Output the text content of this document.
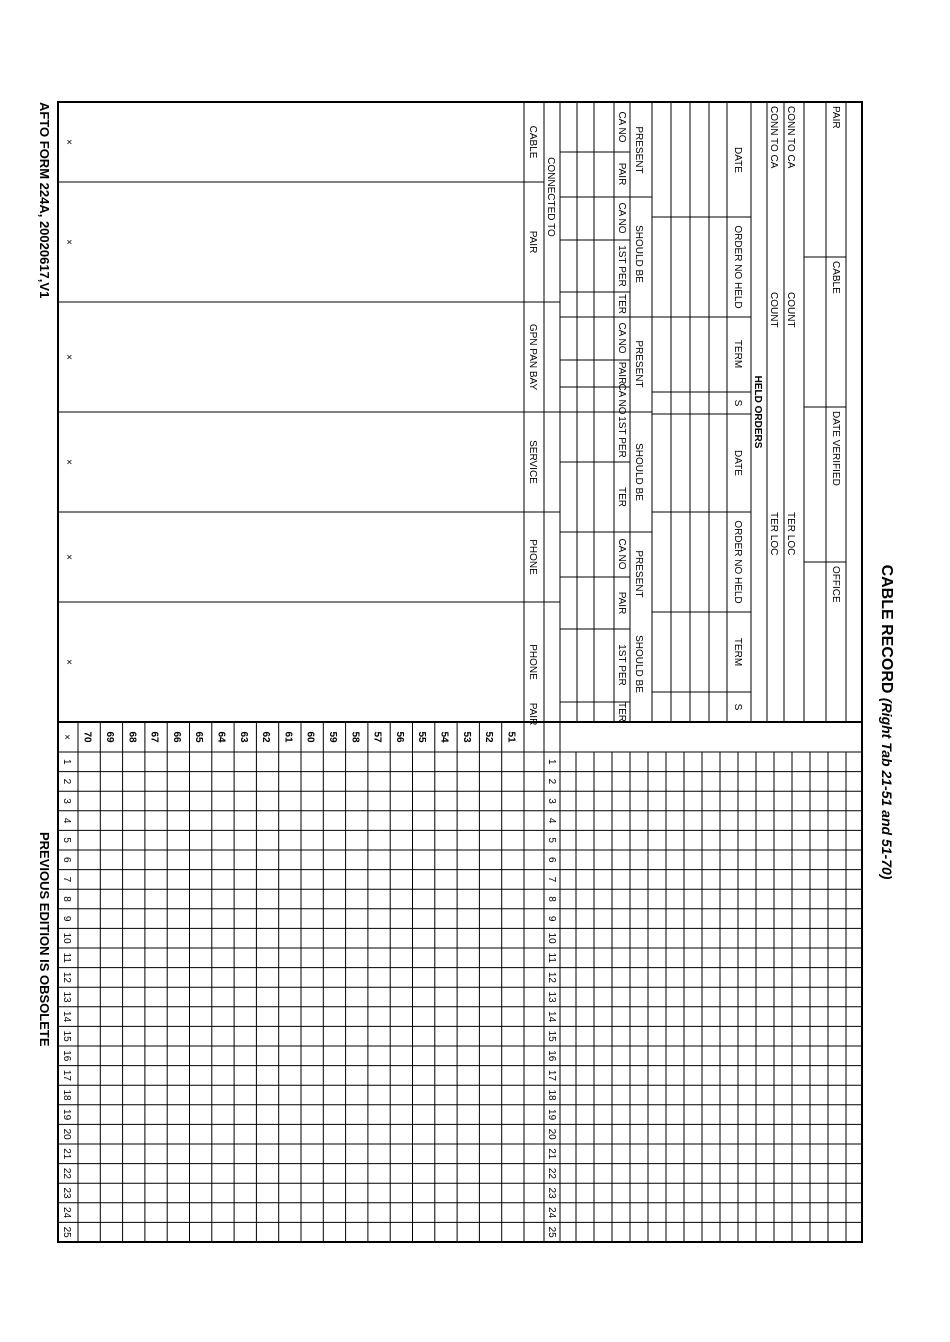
CABLE RECORD (Right Tab 21-51 and 51-70)
AFTO FORM 224A, 20020617,V1
PREVIOUS EDITION IS OBSOLETE
PAIR
CABLE
DATE VERIFIED
OFFICE
CONN TO CA
COUNT
TER LOC
CONN TO CA
COUNT
TER LOC
HELD ORDERS
DATE
ORDER NO HELD
TERM
S
DATE
ORDER NO HELD
TERM
S
PRESENT
SHOULD BE
PRESENT
SHOULD BE
PRESENT
SHOULD BE
CA NO
PAIR
CA NO
1ST PER
TER
CA NO
PAIR
CA NO
1ST PER
TER
CA NO
PAIR
1ST PER
TER
CONNECTED TO
CABLE
PAIR
GPN PAN BAY
SERVICE
PHONE
PHONE
PAIR
×
×
×
×
×
×
1
1
2
2
3
3
4
4
5
5
6
6
7
7
8
8
9
9
10
10
11
11
12
12
13
13
14
14
15
15
16
16
17
17
18
18
19
19
20
20
21
21
22
22
23
23
24
24
25
25
51
52
53
54
55
56
57
58
59
60
61
62
63
64
65
66
67
68
69
70
×
